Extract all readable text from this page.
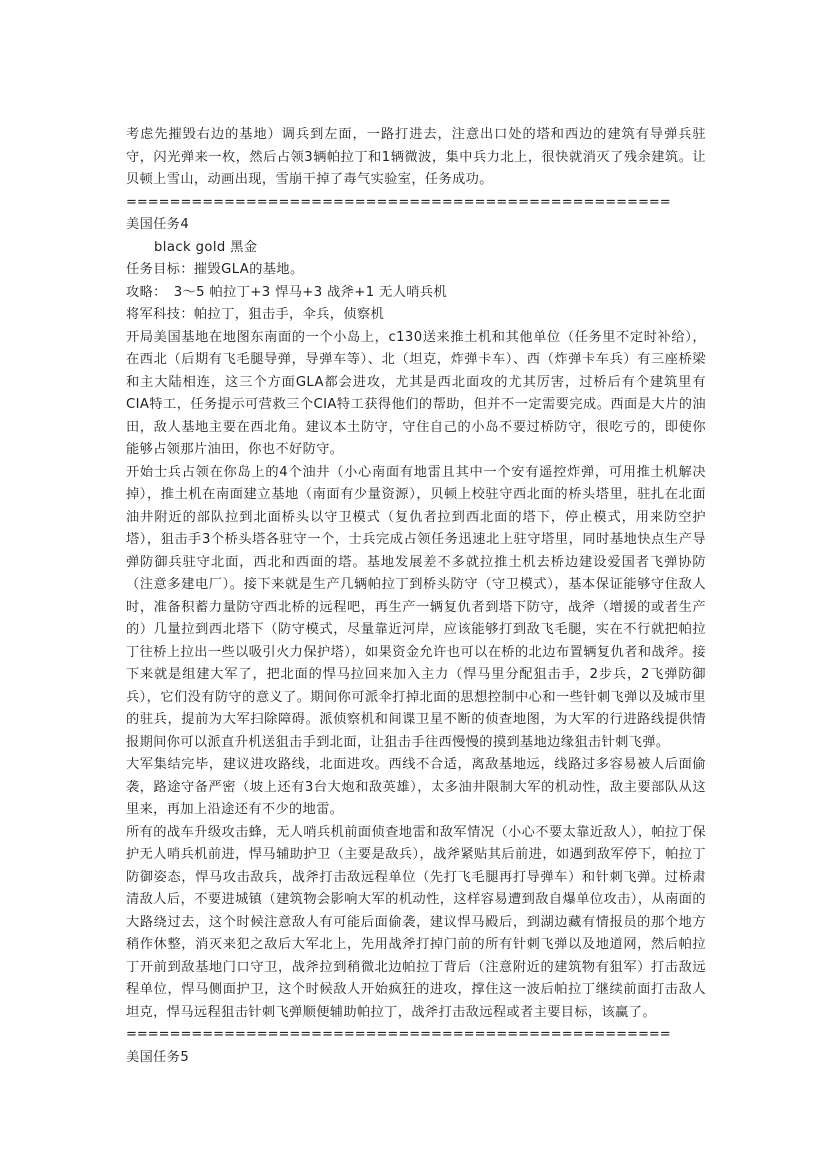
考虑先摧毁右边的基地）调兵到左面，一路打进去，注意出口处的塔和西边的建筑有导弹兵驻守，闪光弹来一枚，然后占领3辆帕拉丁和1辆微波，集中兵力北上，很快就消灭了残余建筑。让贝顿上雪山，动画出现，雪崩干掉了毒气实验室，任务成功。

==================================================

美国任务4

black gold 黑金

任务目标：摧毁GLA的基地。

攻略：　3～5 帕拉丁+3 悍马+3 战斧+1 无人哨兵机

将军科技：帕拉丁，狙击手，伞兵，侦察机

开局美国基地在地图东南面的一个小岛上，c130送来推土机和其他单位（任务里不定时补给），在西北（后期有飞毛腿导弹，导弹车等）、北（坦克，炸弹卡车）、西（炸弹卡车兵）有三座桥梁和主大陆相连，这三个方面GLA都会进攻，尤其是西北面攻的尤其厉害，过桥后有个建筑里有CIA特工，任务提示可营救三个CIA特工获得他们的帮助，但并不一定需要完成。西面是大片的油田，敌人基地主要在西北角。建议本土防守，守住自己的小岛不要过桥防守，很吃亏的，即使你能够占领那片油田，你也不好防守。

开始士兵占领在你岛上的4个油井（小心南面有地雷且其中一个安有遥控炸弹，可用推土机解决掉），推土机在南面建立基地（南面有少量资源），贝顿上校驻守西北面的桥头塔里，驻扎在北面油井附近的部队拉到北面桥头以守卫模式（复仇者拉到西北面的塔下，停止模式，用来防空护塔），狙击手3个桥头塔各驻守一个，士兵完成占领任务迅速北上驻守塔里，同时基地快点生产导弹防御兵驻守北面，西北和西面的塔。基地发展差不多就拉推土机去桥边建设爱国者飞弹协防（注意多建电厂）。接下来就是生产几辆帕拉丁到桥头防守（守卫模式），基本保证能够守住敌人时，准备积蓄力量防守西北桥的远程吧，再生产一辆复仇者到塔下防守，战斧（增援的或者生产的）几量拉到西北塔下（防守模式，尽量靠近河岸，应该能够打到敌飞毛腿，实在不行就把帕拉丁往桥上拉出一些以吸引火力保护塔），如果资金允许也可以在桥的北边布置辆复仇者和战斧。接下来就是组建大军了，把北面的悍马拉回来加入主力（悍马里分配狙击手，2步兵，2飞弹防御兵），它们没有防守的意义了。期间你可派伞打掉北面的思想控制中心和一些针刺飞弹以及城市里的驻兵，提前为大军扫除障碍。派侦察机和间谍卫星不断的侦查地图，为大军的行进路线提供情报期间你可以派直升机送狙击手到北面，让狙击手往西慢慢的摸到基地边缘狙击针刺飞弹。

大军集结完毕，建议进攻路线，北面进攻。西线不合适，离敌基地远，线路过多容易被人后面偷袭，路途守备严密（坡上还有3台大炮和敌英雄），太多油井限制大军的机动性，敌主要部队从这里来，再加上沿途还有不少的地雷。

所有的战车升级攻击蜂，无人哨兵机前面侦查地雷和敌军情况（小心不要太靠近敌人），帕拉丁保护无人哨兵机前进，悍马辅助护卫（主要是敌兵），战斧紧贴其后前进，如遇到敌军停下，帕拉丁防御姿态，悍马攻击敌兵，战斧打击敌远程单位（先打飞毛腿再打导弹车）和针刺飞弹。过桥肃清敌人后，不要进城镇（建筑物会影响大军的机动性，这样容易遭到敌自爆单位攻击），从南面的大路绕过去，这个时候注意敌人有可能后面偷袭，建议悍马殿后，到湖边藏有情报员的那个地方稍作休整，消灭来犯之敌后大军北上，先用战斧打掉门前的所有针刺飞弹以及地道网，然后帕拉丁开前到敌基地门口守卫，战斧拉到稍微北边帕拉丁背后（注意附近的建筑物有狙军）打击敌远程单位，悍马侧面护卫，这个时候敌人开始疯狂的进攻，撑住这一波后帕拉丁继续前面打击敌人坦克，悍马远程狙击针刺飞弹顺便辅助帕拉丁，战斧打击敌远程或者主要目标，该赢了。

==================================================

美国任务5
